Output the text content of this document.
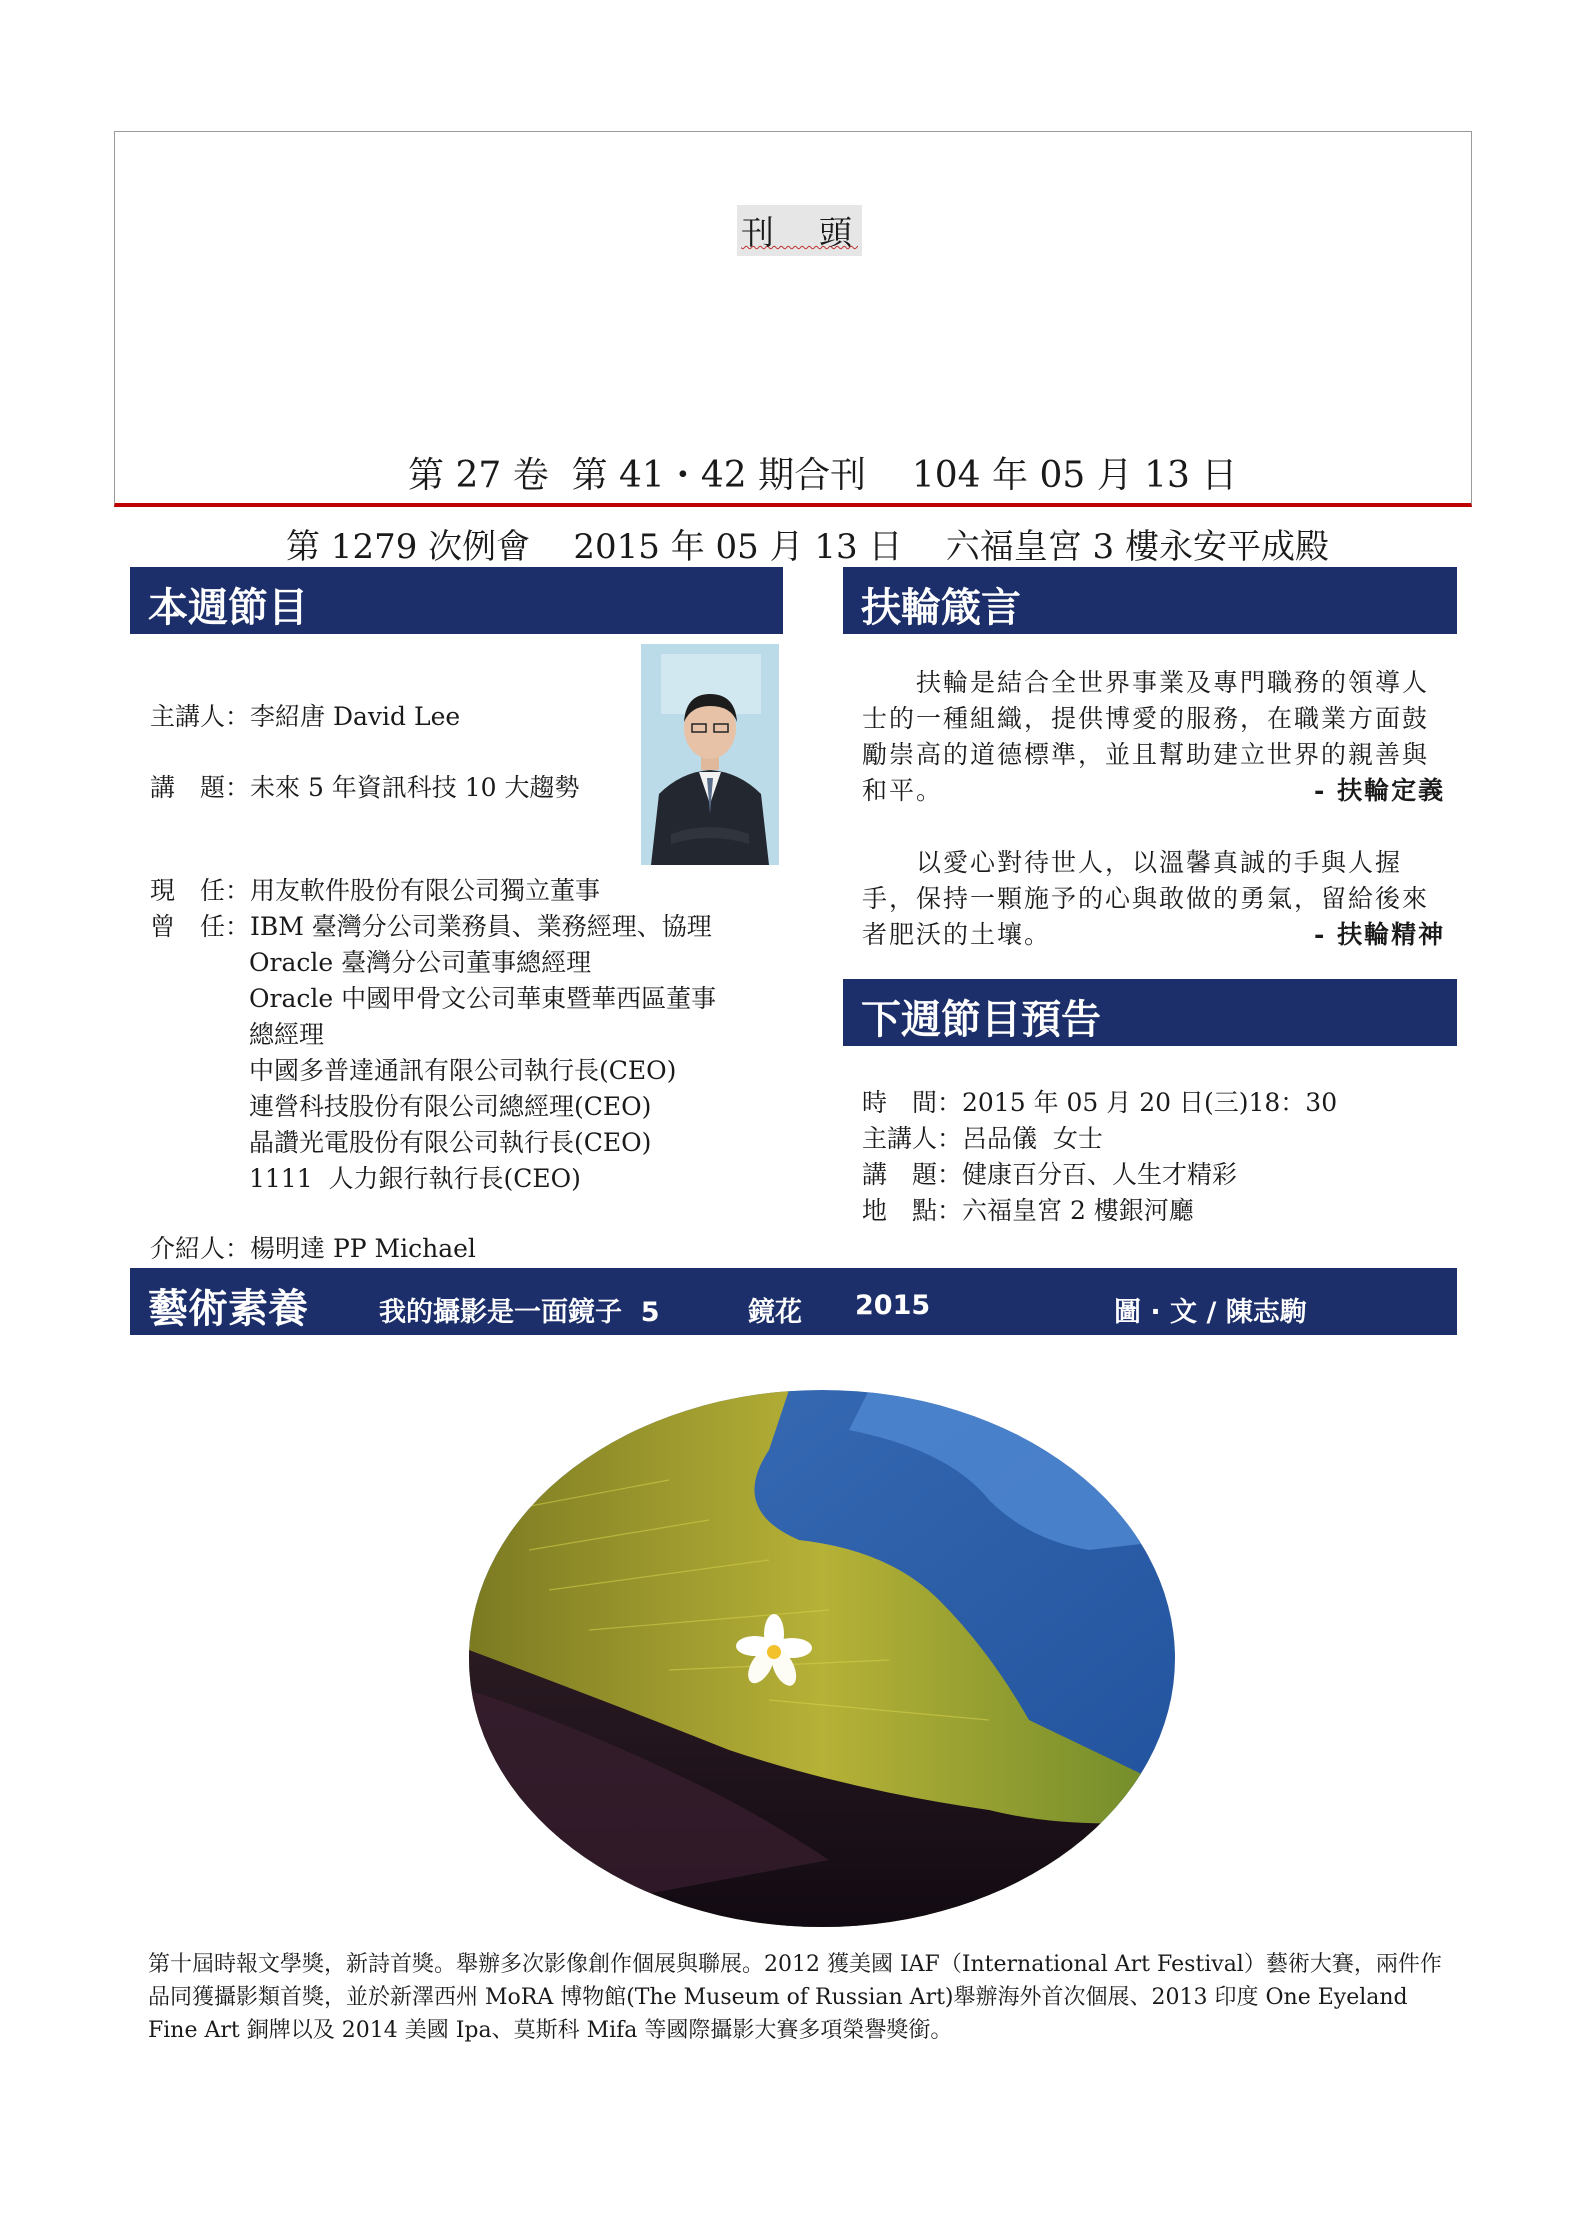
刊　頭
第 27 卷  第 41・42 期合刊    104 年 05 月 13 日
第 1279 次例會    2015 年 05 月 13 日    六福皇宮 3 樓永安平成殿
本週節目
主講人：李紹唐 David Lee
講　題：未來 5 年資訊科技 10 大趨勢
現　任：用友軟件股份有限公司獨立董事
曾　任：IBM 臺灣分公司業務員、業務經理、協理
Oracle 臺灣分公司董事總經理
Oracle 中國甲骨文公司華東暨華西區董事
總經理
中國多普達通訊有限公司執行長(CEO)
連營科技股份有限公司總經理(CEO)
晶讚光電股份有限公司執行長(CEO)
1111  人力銀行執行長(CEO)
介紹人：楊明達 PP Michael
扶輪箴言
扶輪是結合全世界事業及專門職務的領導人士的一種組織，提供博愛的服務，在職業方面鼓勵崇高的道德標準，並且幫助建立世界的親善與和平。	- 扶輪定義
以愛心對待世人，以溫馨真誠的手與人握手，保持一顆施予的心與敢做的勇氣，留給後來者肥沃的土壤。	- 扶輪精神
下週節目預告
時　間：2015 年 05 月 20 日(三)18：30
主講人：呂品儀  女士
講　題：健康百分百、人生才精彩
地　點：六福皇宮 2 樓銀河廳
藝術素養	我的攝影是一面鏡子  5	鏡花 2015	圖 · 文 / 陳志駒
第十屆時報文學獎，新詩首獎。舉辦多次影像創作個展與聯展。2012 獲美國 IAF（International Art Festival）藝術大賽，兩件作品同獲攝影類首獎，並於新澤西州 MoRA 博物館(The Museum of Russian Art)舉辦海外首次個展、2013 印度 One Eyeland Fine Art 銅牌以及 2014 美國 Ipa、莫斯科 Mifa 等國際攝影大賽多項榮譽獎銜。
